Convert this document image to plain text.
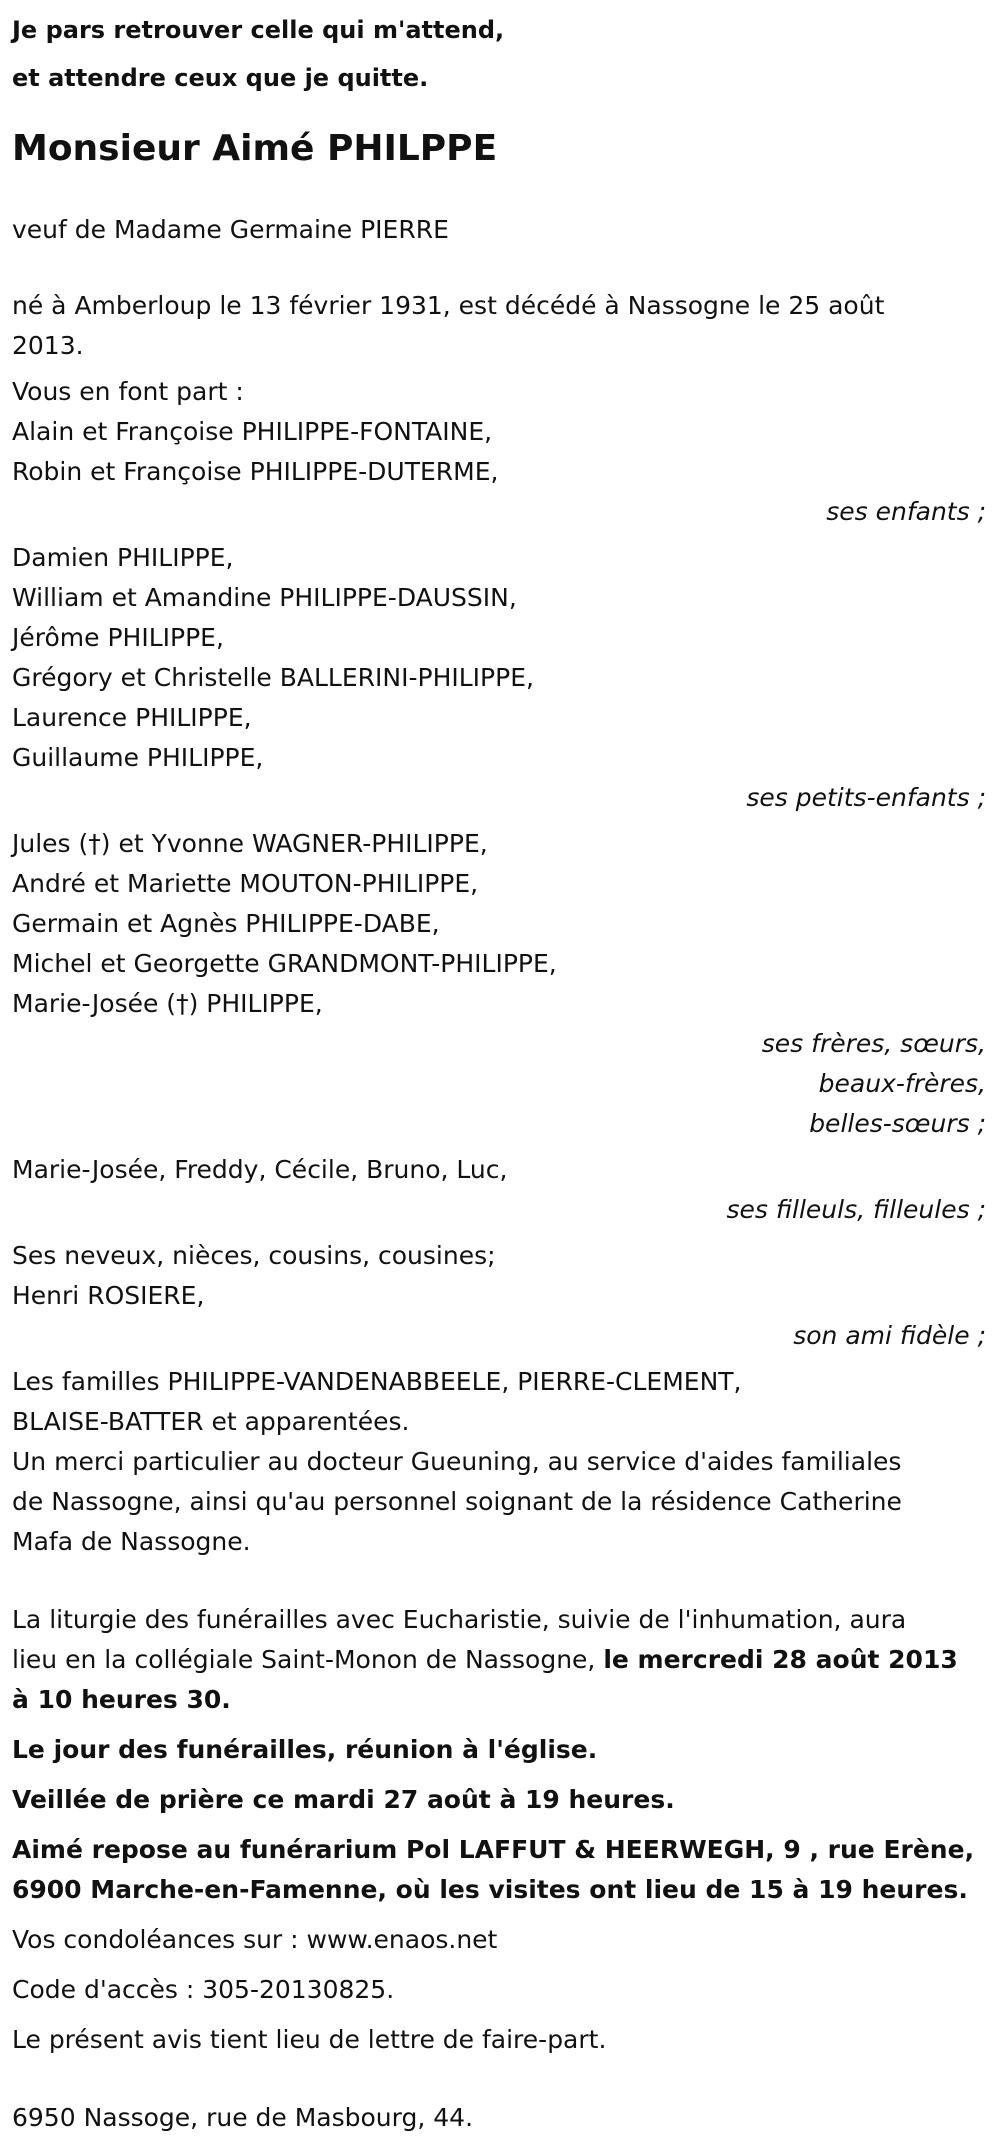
Je pars retrouver celle qui m'attend,
et attendre ceux que je quitte.
Monsieur Aimé PHILPPE
veuf de Madame Germaine PIERRE
né à Amberloup le 13 février 1931, est décédé à Nassogne le 25 août
2013.
Vous en font part :
Alain et Françoise PHILIPPE-FONTAINE,
Robin et Françoise PHILIPPE-DUTERME,
ses enfants ;
Damien PHILIPPE,
William et Amandine PHILIPPE-DAUSSIN,
Jérôme PHILIPPE,
Grégory et Christelle BALLERINI-PHILIPPE,
Laurence PHILIPPE,
Guillaume PHILIPPE,
ses petits-enfants ;
Jules (†) et Yvonne WAGNER-PHILIPPE,
André et Mariette MOUTON-PHILIPPE,
Germain et Agnès PHILIPPE-DABE,
Michel et Georgette GRANDMONT-PHILIPPE,
Marie-Josée (†) PHILIPPE,
ses frères, sœurs,
beaux-frères,
belles-sœurs ;
Marie-Josée, Freddy, Cécile, Bruno, Luc,
ses filleuls, filleules ;
Ses neveux, nièces, cousins, cousines;
Henri ROSIERE,
son ami fidèle ;
Les familles PHILIPPE-VANDENABBEELE, PIERRE-CLEMENT,
BLAISE-BATTER et apparentées.
Un merci particulier au docteur Gueuning, au service d'aides familiales
de Nassogne, ainsi qu'au personnel soignant de la résidence Catherine
Mafa de Nassogne.
La liturgie des funérailles avec Eucharistie, suivie de l'inhumation, aura
lieu en la collégiale Saint-Monon de Nassogne, le mercredi 28 août 2013
à 10 heures 30.
Le jour des funérailles, réunion à l'église.
Veillée de prière ce mardi 27 août à 19 heures.
Aimé repose au funérarium Pol LAFFUT & HEERWEGH, 9 , rue Erène,
6900 Marche-en-Famenne, où les visites ont lieu de 15 à 19 heures.
Vos condoléances sur : www.enaos.net
Code d'accès : 305-20130825.
Le présent avis tient lieu de lettre de faire-part.
6950 Nassoge, rue de Masbourg, 44.
